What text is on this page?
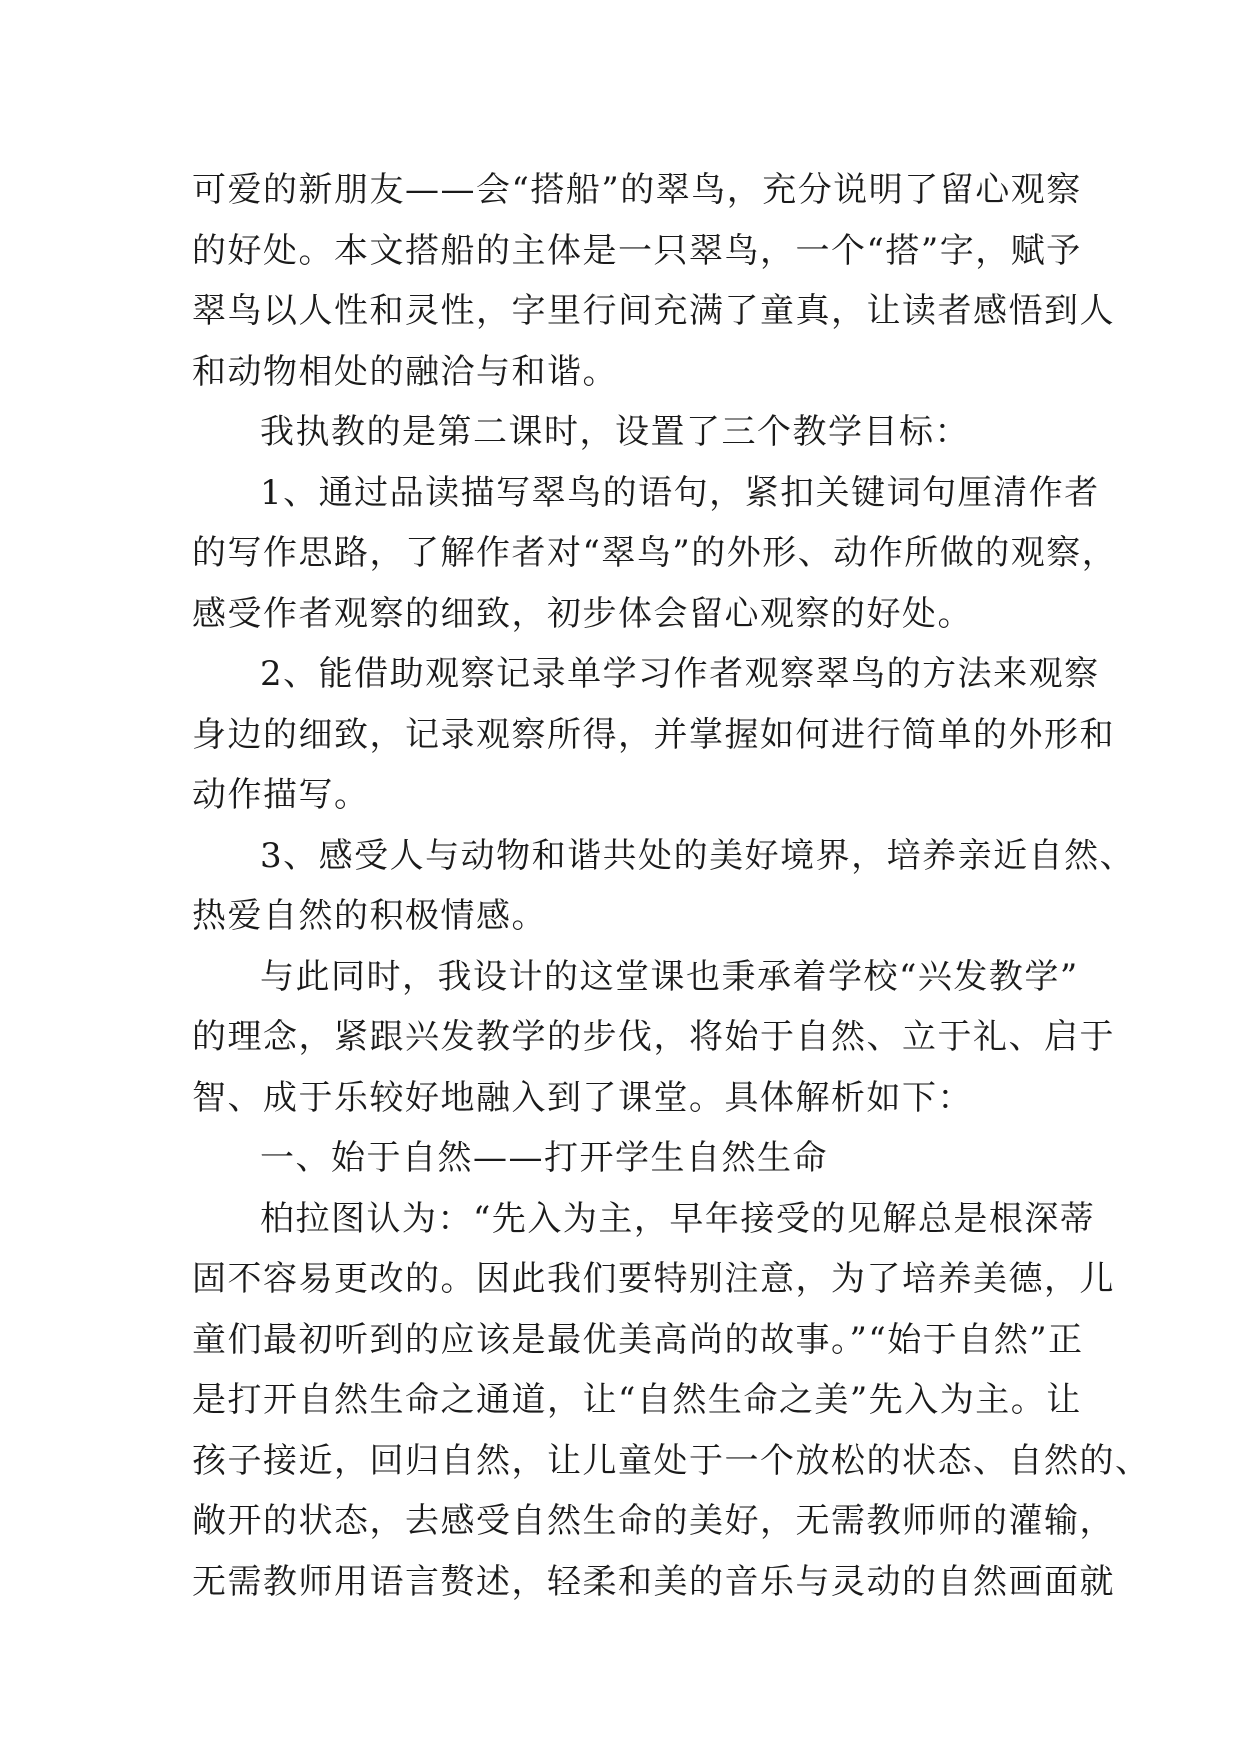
可爱的新朋友——会“搭船”的翠鸟，充分说明了留心观察
的好处。本文搭船的主体是一只翠鸟，一个“搭”字，赋予
翠鸟以人性和灵性，字里行间充满了童真，让读者感悟到人
和动物相处的融洽与和谐。
我执教的是第二课时，设置了三个教学目标：
1、通过品读描写翠鸟的语句，紧扣关键词句厘清作者
的写作思路，了解作者对“翠鸟”的外形、动作所做的观察，
感受作者观察的细致，初步体会留心观察的好处。
2、能借助观察记录单学习作者观察翠鸟的方法来观察
身边的细致，记录观察所得，并掌握如何进行简单的外形和
动作描写。
3、感受人与动物和谐共处的美好境界，培养亲近自然、
热爱自然的积极情感。
与此同时，我设计的这堂课也秉承着学校“兴发教学”
的理念，紧跟兴发教学的步伐，将始于自然、立于礼、启于
智、成于乐较好地融入到了课堂。具体解析如下：
一、始于自然——打开学生自然生命
柏拉图认为：“先入为主，早年接受的见解总是根深蒂
固不容易更改的。因此我们要特别注意，为了培养美德，儿
童们最初听到的应该是最优美高尚的故事。”“始于自然”正
是打开自然生命之通道，让“自然生命之美”先入为主。让
孩子接近，回归自然，让儿童处于一个放松的状态、自然的、
敞开的状态，去感受自然生命的美好，无需教师师的灌输，
无需教师用语言赘述，轻柔和美的音乐与灵动的自然画面就
